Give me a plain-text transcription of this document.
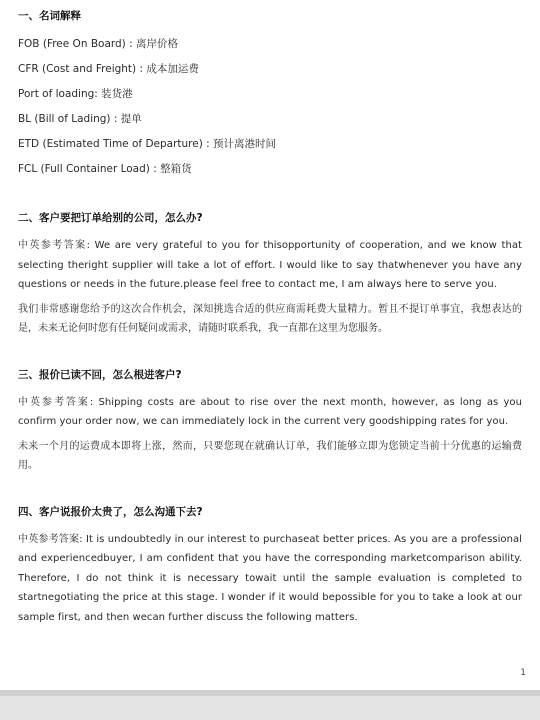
一、名词解释
FOB (Free On Board) : 离岸价格
CFR (Cost and Freight) : 成本加运费
Port of loading: 装货港
BL (Bill of Lading) : 提单
ETD (Estimated Time of Departure) : 预计离港时间
FCL (Full Container Load) : 整箱货
二、客户要把订单给别的公司，怎么办?

中英参考答案: We are very grateful to you for thisopportunity of cooperation, and we know that selecting theright supplier will take a lot of effort. I would like to say thatwhenever you have any questions or needs in the future.please feel free to contact me, I am always here to serve you.

我们非常感谢您给予的这次合作机会，深知挑选合适的供应商需耗费大量精力。暂且不提订单事宜，我想表达的是，未来无论何时您有任何疑问或需求，请随时联系我，我一直都在这里为您服务。

三、报价已读不回，怎么根进客户?

中英参考答案: Shipping costs are about to rise over the next month, however, as long as you confirm your order now, we can immediately lock in the current very goodshipping rates for you.

未来一个月的运费成本即将上涨，然而，只要您现在就确认订单，我们能够立即为您锁定当前十分优惠的运输费用。

四、客户说报价太贵了，怎么沟通下去?

中英参考答案: It is undoubtedly in our interest to purchaseat better prices. As you are a professional and experiencedbuyer, I am confident that you have the corresponding marketcomparison ability. Therefore, I do not think it is necessary towait until the sample evaluation is completed to startnegotiating the price at this stage. I wonder if it would bepossible for you to take a look at our sample first, and then wecan further discuss the following matters.

1
